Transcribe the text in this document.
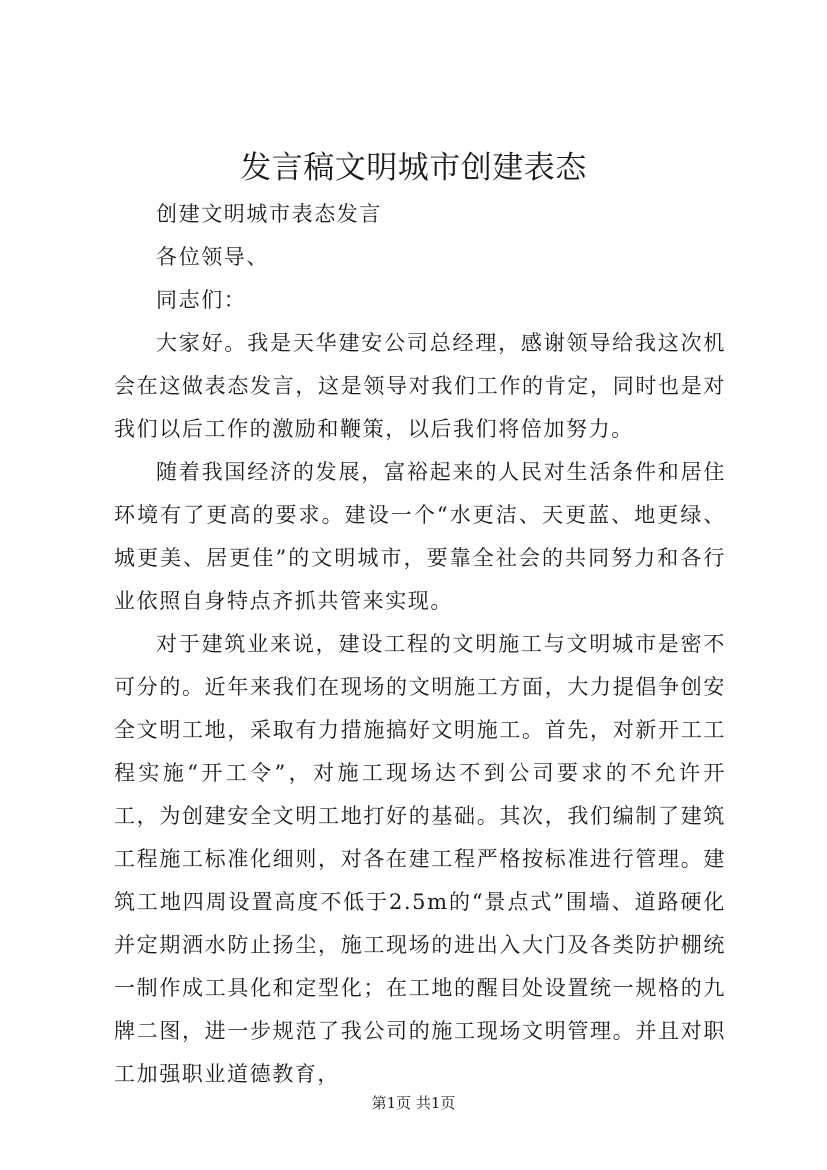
发言稿文明城市创建表态

创建文明城市表态发言

各位领导、

同志们：

大家好。我是天华建安公司总经理，感谢领导给我这次机会在这做表态发言，这是领导对我们工作的肯定，同时也是对我们以后工作的激励和鞭策，以后我们将倍加努力。

随着我国经济的发展，富裕起来的人民对生活条件和居住环境有了更高的要求。建设一个“水更洁、天更蓝、地更绿、城更美、居更佳”的文明城市，要靠全社会的共同努力和各行业依照自身特点齐抓共管来实现。

对于建筑业来说，建设工程的文明施工与文明城市是密不可分的。近年来我们在现场的文明施工方面，大力提倡争创安全文明工地，采取有力措施搞好文明施工。首先，对新开工工程实施“开工令”，对施工现场达不到公司要求的不允许开工，为创建安全文明工地打好的基础。其次，我们编制了建筑工程施工标准化细则，对各在建工程严格按标准进行管理。建筑工地四周设置高度不低于2.5m的“景点式”围墙、道路硬化并定期洒水防止扬尘，施工现场的进出入大门及各类防护棚统一制作成工具化和定型化；在工地的醒目处设置统一规格的九牌二图，进一步规范了我公司的施工现场文明管理。并且对职工加强职业道德教育，

第1页 共1页
